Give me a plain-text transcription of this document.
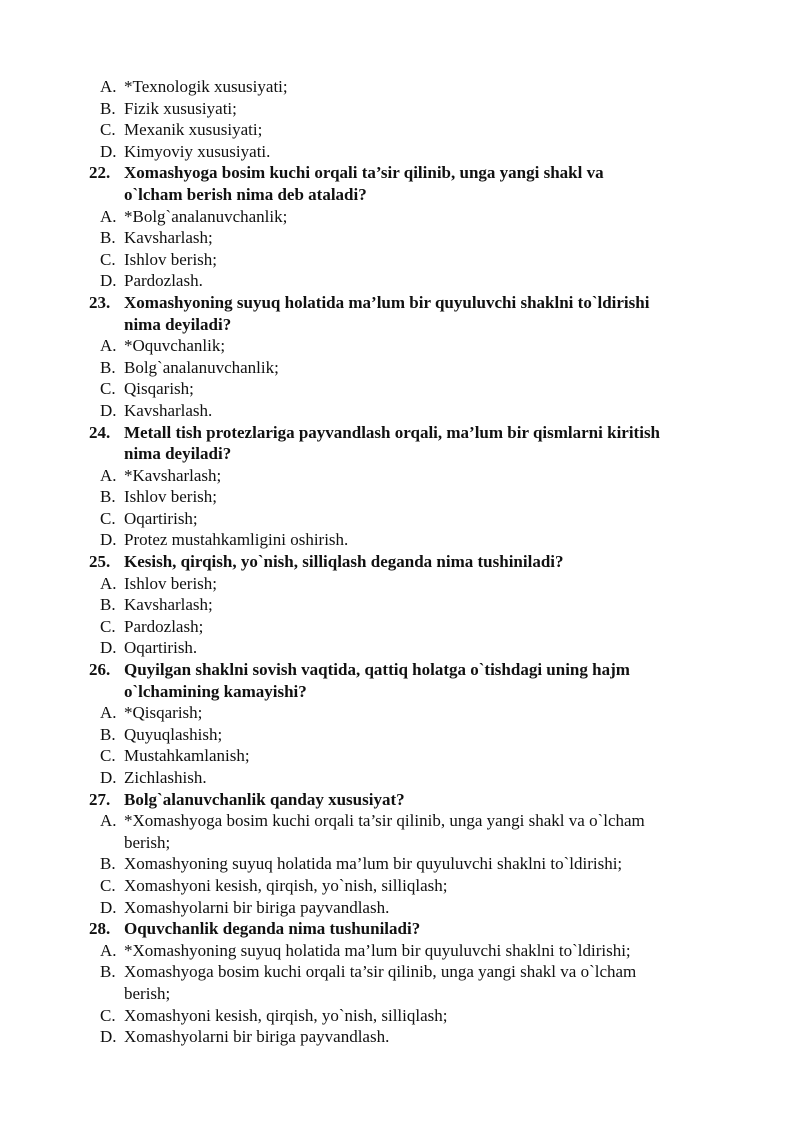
A. *Texnologik xususiyati;
B. Fizik xususiyati;
C. Mexanik xususiyati;
D. Kimyoviy xususiyati.
22. Xomashyoga bosim kuchi orqali ta’sir qilinib, unga yangi shakl va
o`lcham berish nima deb ataladi?
A. *Bolg`analanuvchanlik;
B. Kavsharlash;
C. Ishlov berish;
D. Pardozlash.
23. Xomashyoning suyuq holatida ma’lum bir quyuluvchi shaklni to`ldirishi
nima deyiladi?
A. *Oquvchanlik;
B. Bolg`analanuvchanlik;
C. Qisqarish;
D. Kavsharlash.
24. Metall tish protezlariga payvandlash orqali, ma’lum bir qismlarni kiritish
nima deyiladi?
A. *Kavsharlash;
B. Ishlov berish;
C. Oqartirish;
D. Protez mustahkamligini oshirish.
25. Kesish, qirqish, yo`nish, silliqlash deganda nima tushiniladi?
A. Ishlov berish;
B. Kavsharlash;
C. Pardozlash;
D. Oqartirish.
26. Quyilgan shaklni sovish vaqtida, qattiq holatga o`tishdagi uning hajm
o`lchamining kamayishi?
A. *Qisqarish;
B. Quyuqlashish;
C. Mustahkamlanish;
D. Zichlashish.
27. Bolg`alanuvchanlik qanday xususiyat?
A. *Xomashyoga bosim kuchi orqali ta’sir qilinib, unga yangi shakl va o`lcham
berish;
B. Xomashyoning suyuq holatida ma’lum bir quyuluvchi shaklni to`ldirishi;
C. Xomashyoni kesish, qirqish, yo`nish, silliqlash;
D. Xomashyolarni bir biriga payvandlash.
28. Oquvchanlik deganda nima tushuniladi?
A. *Xomashyoning suyuq holatida ma’lum bir quyuluvchi shaklni to`ldirishi;
B. Xomashyoga bosim kuchi orqali ta’sir qilinib, unga yangi shakl va o`lcham
berish;
C. Xomashyoni kesish, qirqish, yo`nish, silliqlash;
D. Xomashyolarni bir biriga payvandlash.
